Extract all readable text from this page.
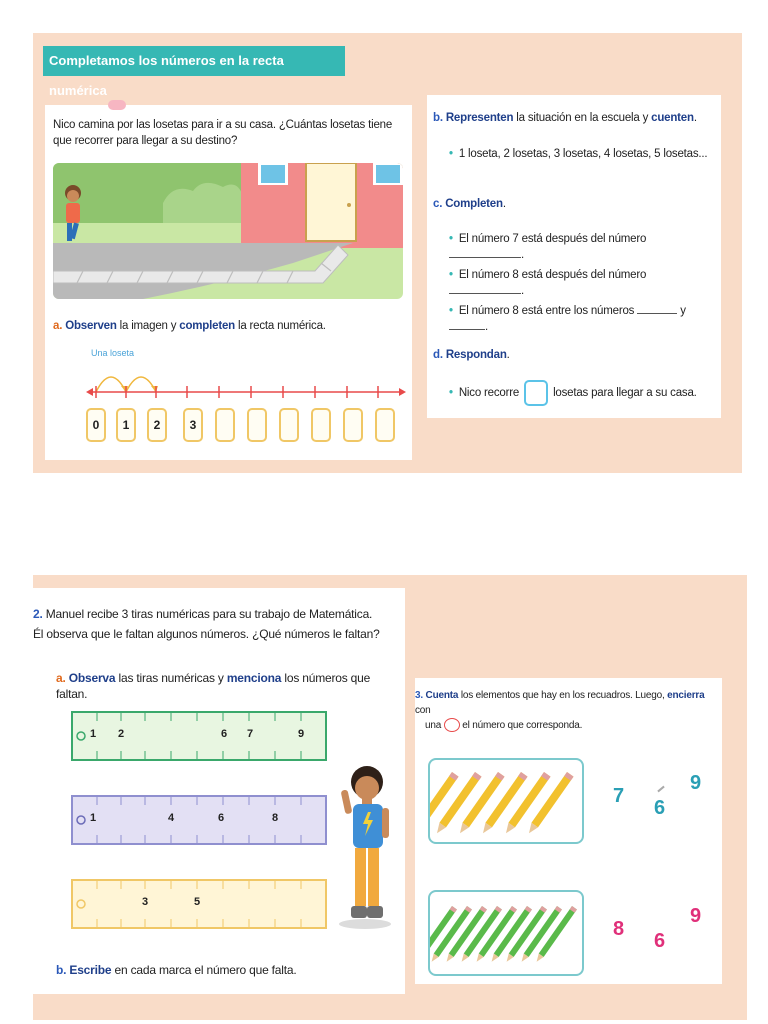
Completamos los números en la recta numérica
Nico camina por las losetas para ir a su casa. ¿Cuántas losetas tiene que recorrer para llegar a su destino?
a. Observen la imagen y completen la recta numérica.
Una loseta
0	1	2	3
b. Representen la situación en la escuela y cuenten.
• 1 loseta, 2 losetas, 3 losetas, 4 losetas, 5 losetas...
c. Completen.
• El número 7 está después del número .
• El número 8 está después del número .
• El número 8 está entre los números	y .
d. Respondan.
• Nico recorre	losetas para llegar a su casa.
2. Manuel recibe 3 tiras numéricas para su trabajo de Matemática. Él observa que le faltan algunos números. ¿Qué números le faltan?
a. Observa las tiras numéricas y menciona los números que faltan.
1 2	6 7	9
1	4	6	8
3	5
b. Escribe en cada marca el número que falta.
3. Cuenta los elementos que hay en los recuadros. Luego, encierra con
una  el número que corresponda.
7
6
9
8
6
9
